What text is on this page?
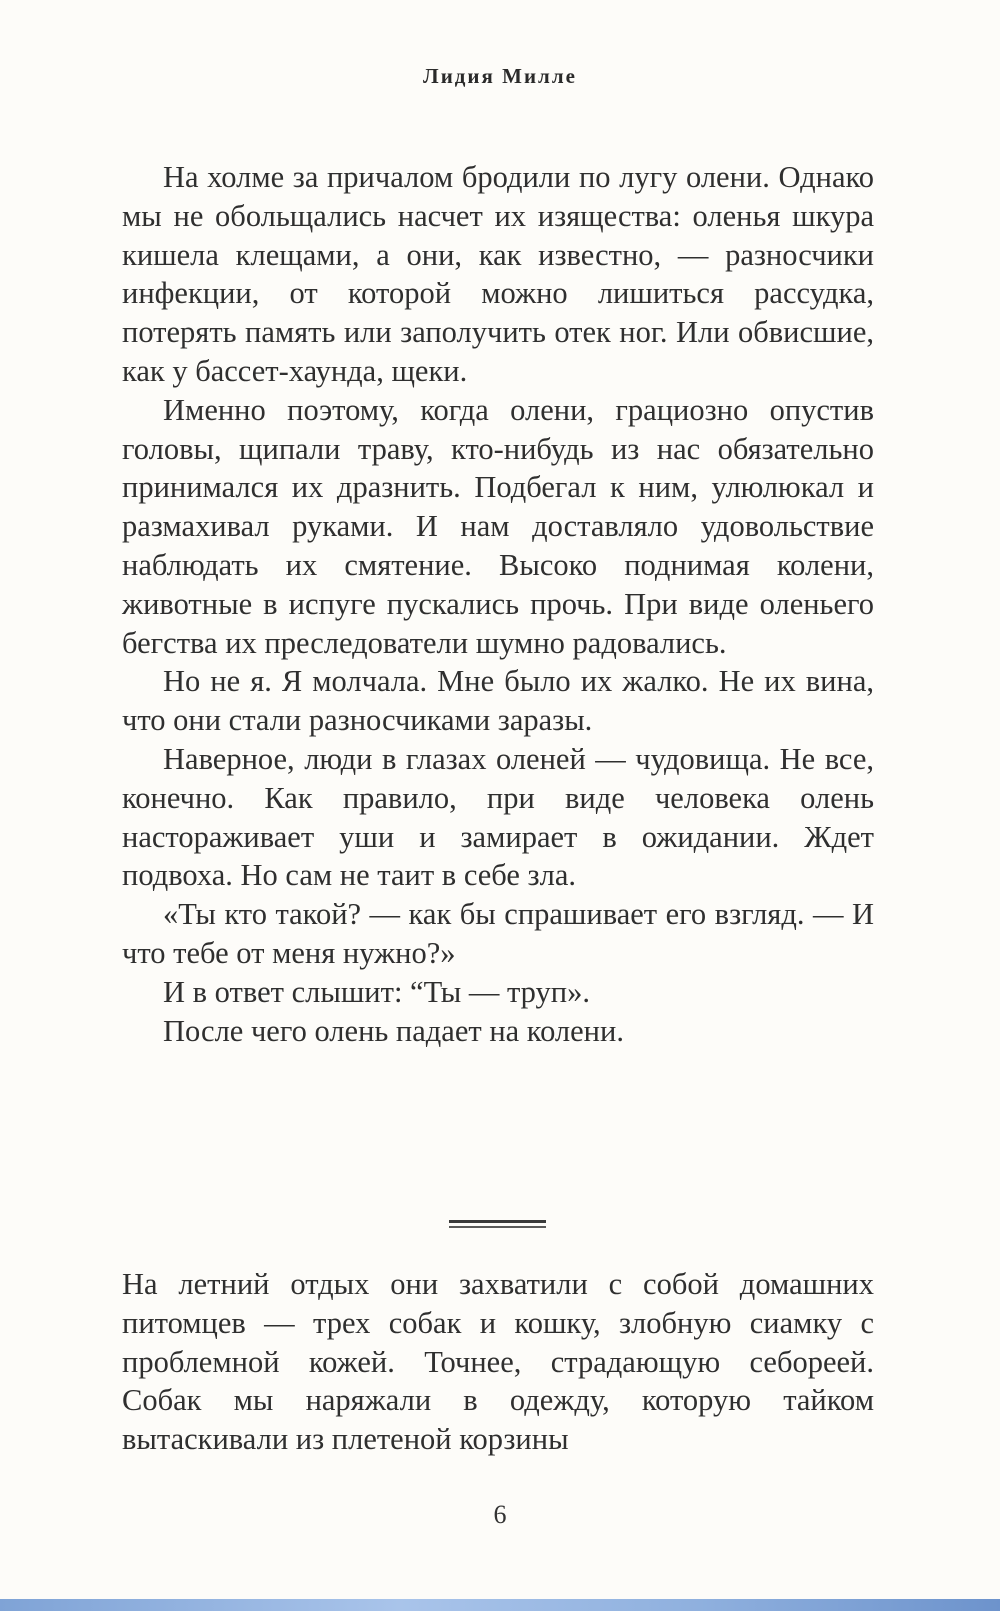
Лидия Милле

На холме за причалом бродили по лугу олени. Однако мы не обольщались насчет их изящества: оленья шкура кишела клещами, а они, как известно, — разносчики инфекции, от которой можно лишиться рассудка, потерять память или заполучить отек ног. Или обвисшие, как у бассет-хаунда, щеки.

Именно поэтому, когда олени, грациозно опустив головы, щипали траву, кто-нибудь из нас обязательно принимался их дразнить. Подбегал к ним, улюлюкал и размахивал руками. И нам доставляло удовольствие наблюдать их смятение. Высоко поднимая колени, животные в испуге пускались прочь. При виде оленьего бегства их преследователи шумно радовались.

Но не я. Я молчала. Мне было их жалко. Не их вина, что они стали разносчиками заразы.

Наверное, люди в глазах оленей — чудовища. Не все, конечно. Как правило, при виде человека олень настораживает уши и замирает в ожидании. Ждет подвоха. Но сам не таит в себе зла.

«Ты кто такой? — как бы спрашивает его взгляд. — И что тебе от меня нужно?»

И в ответ слышит: “Ты — труп».

После чего олень падает на колени.

На летний отдых они захватили с собой домашних питомцев — трех собак и кошку, злобную сиамку с проблемной кожей. Точнее, страдающую себореей. Собак мы наряжали в одежду, которую тайком вытаскивали из плетеной корзины

6
